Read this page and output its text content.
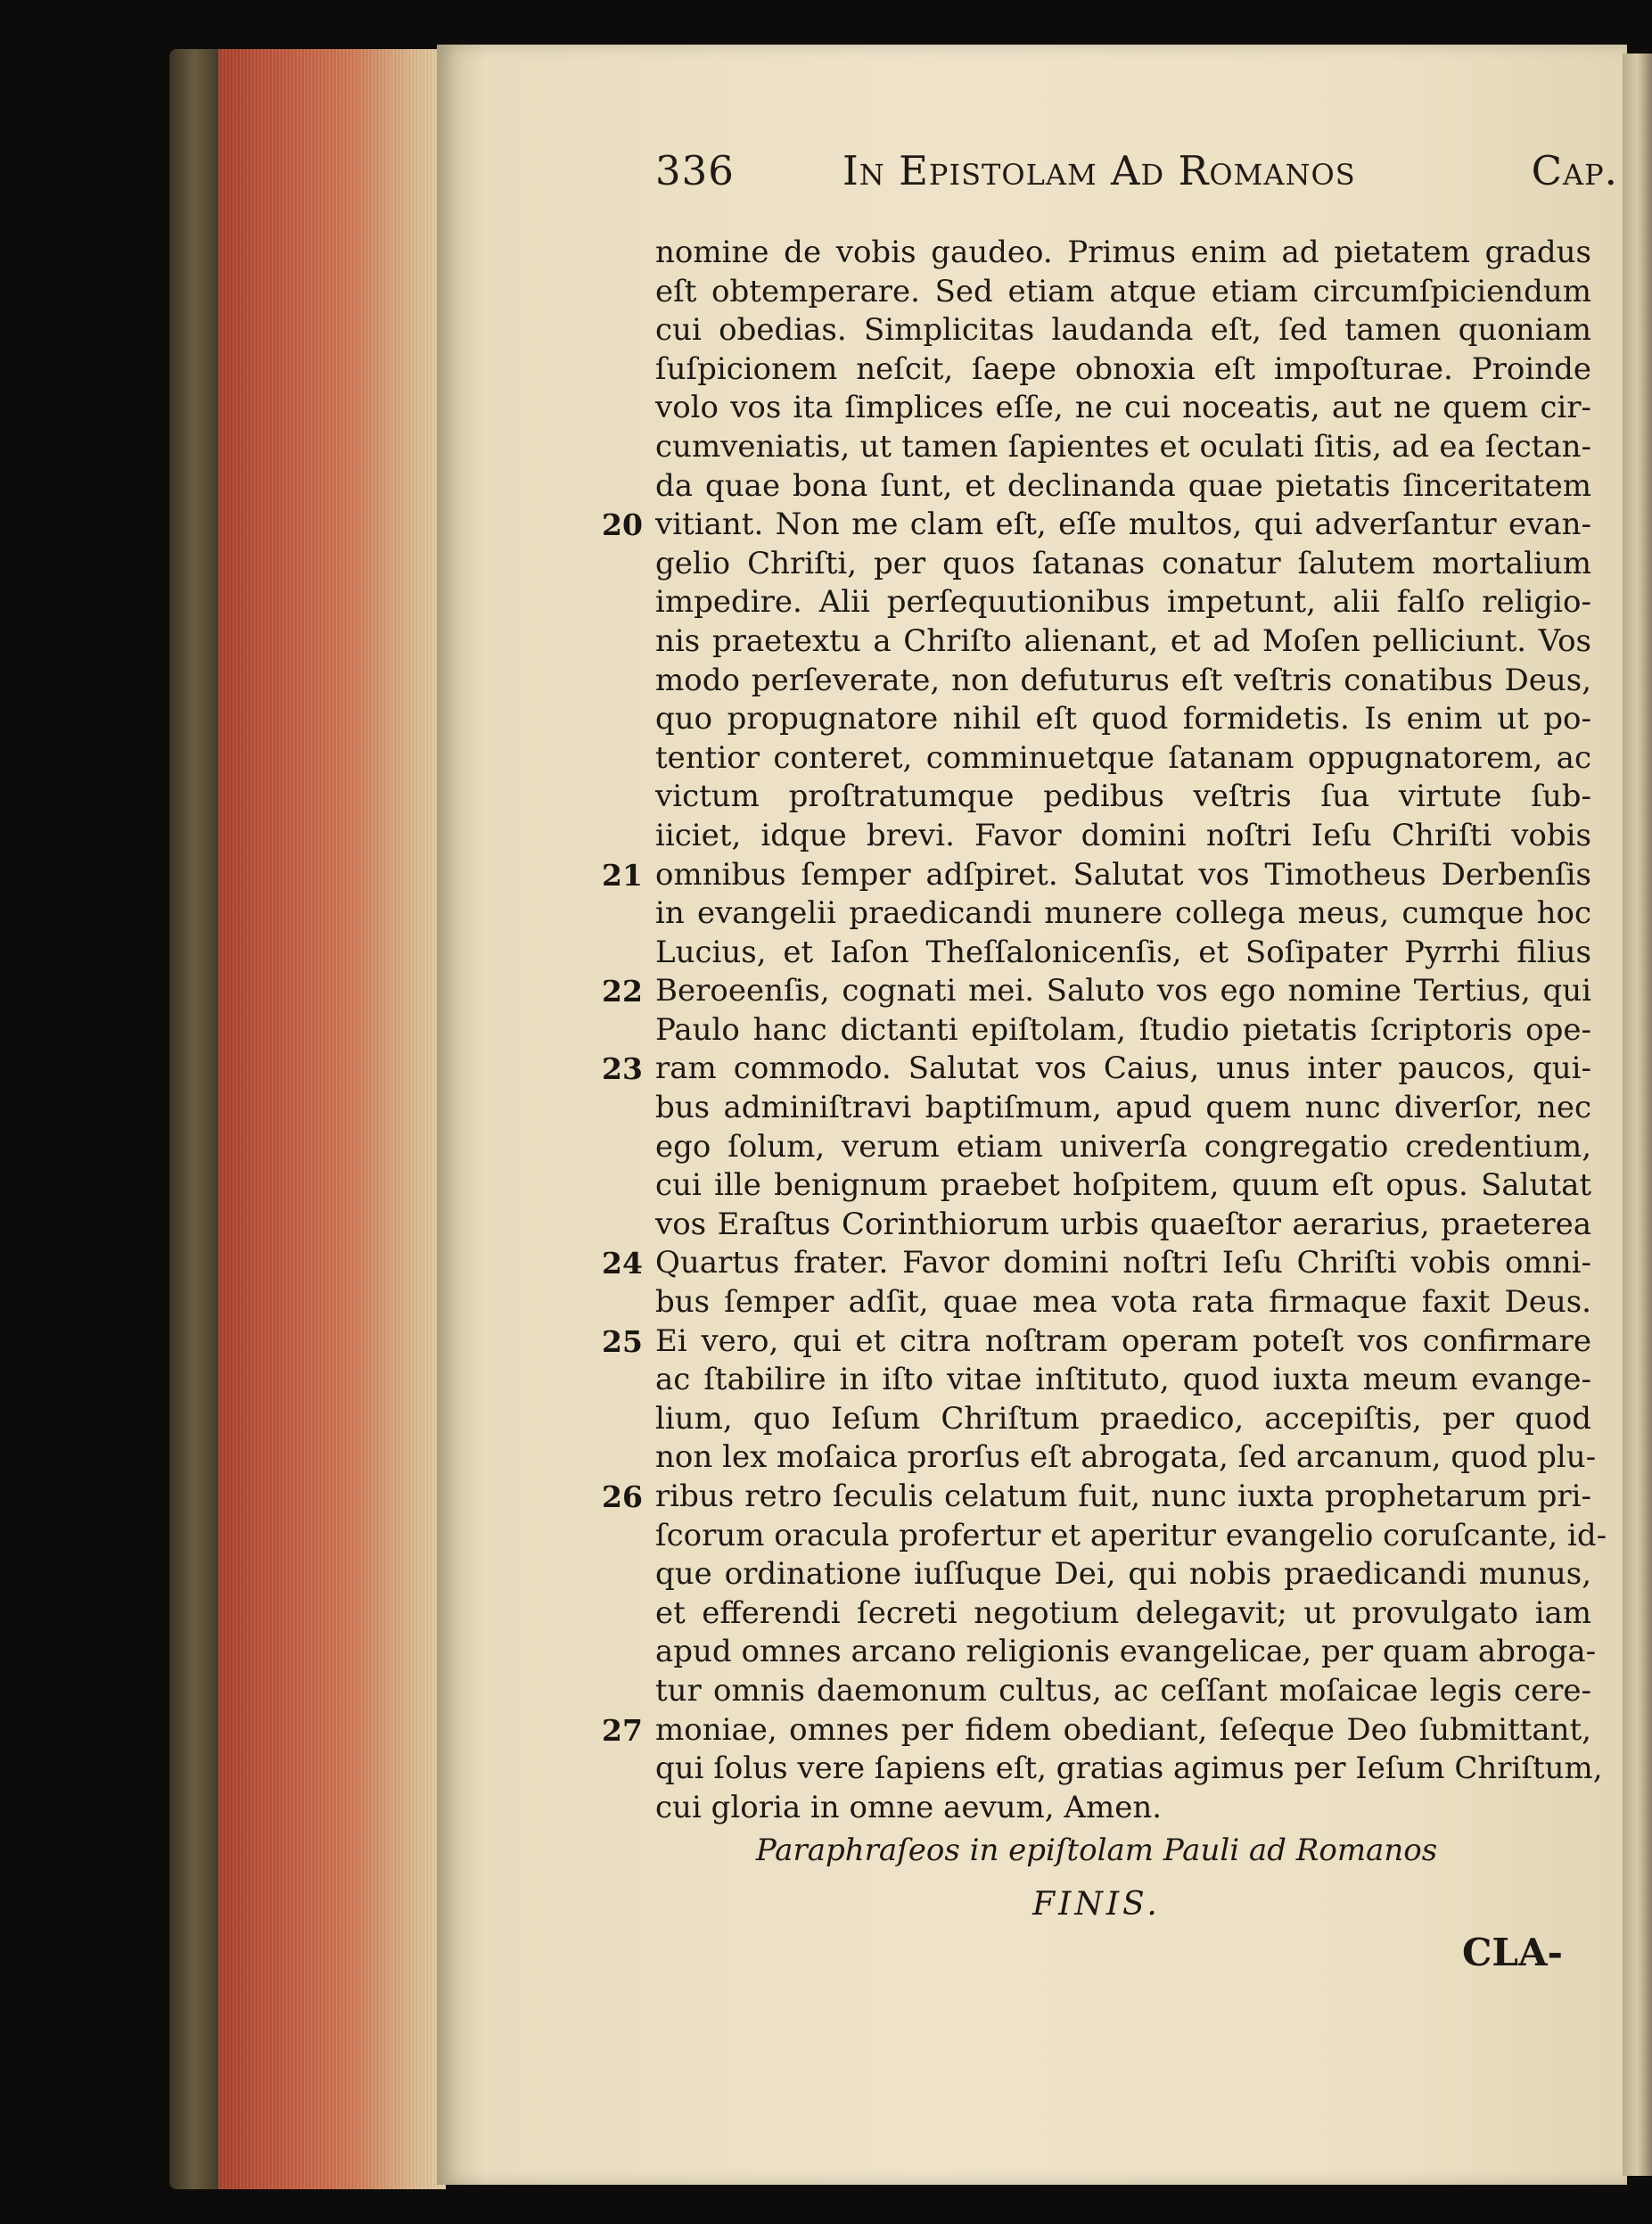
336	In Epistolam Ad Romanos	Cap.
nomine de vobis gaudeo. Primus enim ad pietatem gradus
eſt obtemperare. Sed etiam atque etiam circumſpiciendum
cui obedias. Simplicitas laudanda eſt, ſed tamen quoniam
ſuſpicionem neſcit, ſaepe obnoxia eſt impoſturae. Proinde
volo vos ita ſimplices eſſe, ne cui noceatis, aut ne quem cir-
cumveniatis, ut tamen ſapientes et oculati ſitis, ad ea ſectan-
da quae bona ſunt, et declinanda quae pietatis ſinceritatem
20 vitiant. Non me clam eſt, eſſe multos, qui adverſantur evan-
gelio Chriſti, per quos ſatanas conatur ſalutem mortalium
impedire. Alii perſequutionibus impetunt, alii falſo religio-
nis praetextu a Chriſto alienant, et ad Moſen pelliciunt. Vos
modo perſeverate, non defuturus eſt veſtris conatibus Deus,
quo propugnatore nihil eſt quod formidetis. Is enim ut po-
tentior conteret, comminuetque ſatanam oppugnatorem, ac
victum proſtratumque pedibus veſtris ſua virtute ſub-
iiciet, idque brevi. Favor domini noſtri Ieſu Chriſti vobis
21 omnibus ſemper adſpiret. Salutat vos Timotheus Derbenſis
in evangelii praedicandi munere collega meus, cumque hoc
Lucius, et Iaſon Theſſalonicenſis, et Soſipater Pyrrhi filius
22 Beroeenſis, cognati mei. Saluto vos ego nomine Tertius, qui
Paulo hanc dictanti epiſtolam, ſtudio pietatis ſcriptoris ope-
23 ram commodo. Salutat vos Caius, unus inter paucos, qui-
bus adminiſtravi baptiſmum, apud quem nunc diverſor, nec
ego ſolum, verum etiam univerſa congregatio credentium,
cui ille benignum praebet hoſpitem, quum eſt opus. Salutat
vos Eraſtus Corinthiorum urbis quaeſtor aerarius, praeterea
24 Quartus frater. Favor domini noſtri Ieſu Chriſti vobis omni-
bus ſemper adſit, quae mea vota rata firmaque faxit Deus.
25 Ei vero, qui et citra noſtram operam poteſt vos confirmare
ac ſtabilire in iſto vitae inſtituto, quod iuxta meum evange-
lium, quo Ieſum Chriſtum praedico, accepiſtis, per quod
non lex moſaica prorſus eſt abrogata, ſed arcanum, quod plu-
26 ribus retro ſeculis celatum fuit, nunc iuxta prophetarum pri-
ſcorum oracula profertur et aperitur evangelio coruſcante, id-
que ordinatione iuſſuque Dei, qui nobis praedicandi munus,
et efferendi ſecreti negotium delegavit; ut provulgato iam
apud omnes arcano religionis evangelicae, per quam abroga-
tur omnis daemonum cultus, ac ceſſant moſaicae legis cere-
27 moniae, omnes per fidem obediant, ſeſeque Deo ſubmittant,
qui ſolus vere ſapiens eſt, gratias agimus per Ieſum Chriſtum,
cui gloria in omne aevum, Amen.
Paraphraſeos in epiſtolam Pauli ad Romanos
FINIS.
CLA-
